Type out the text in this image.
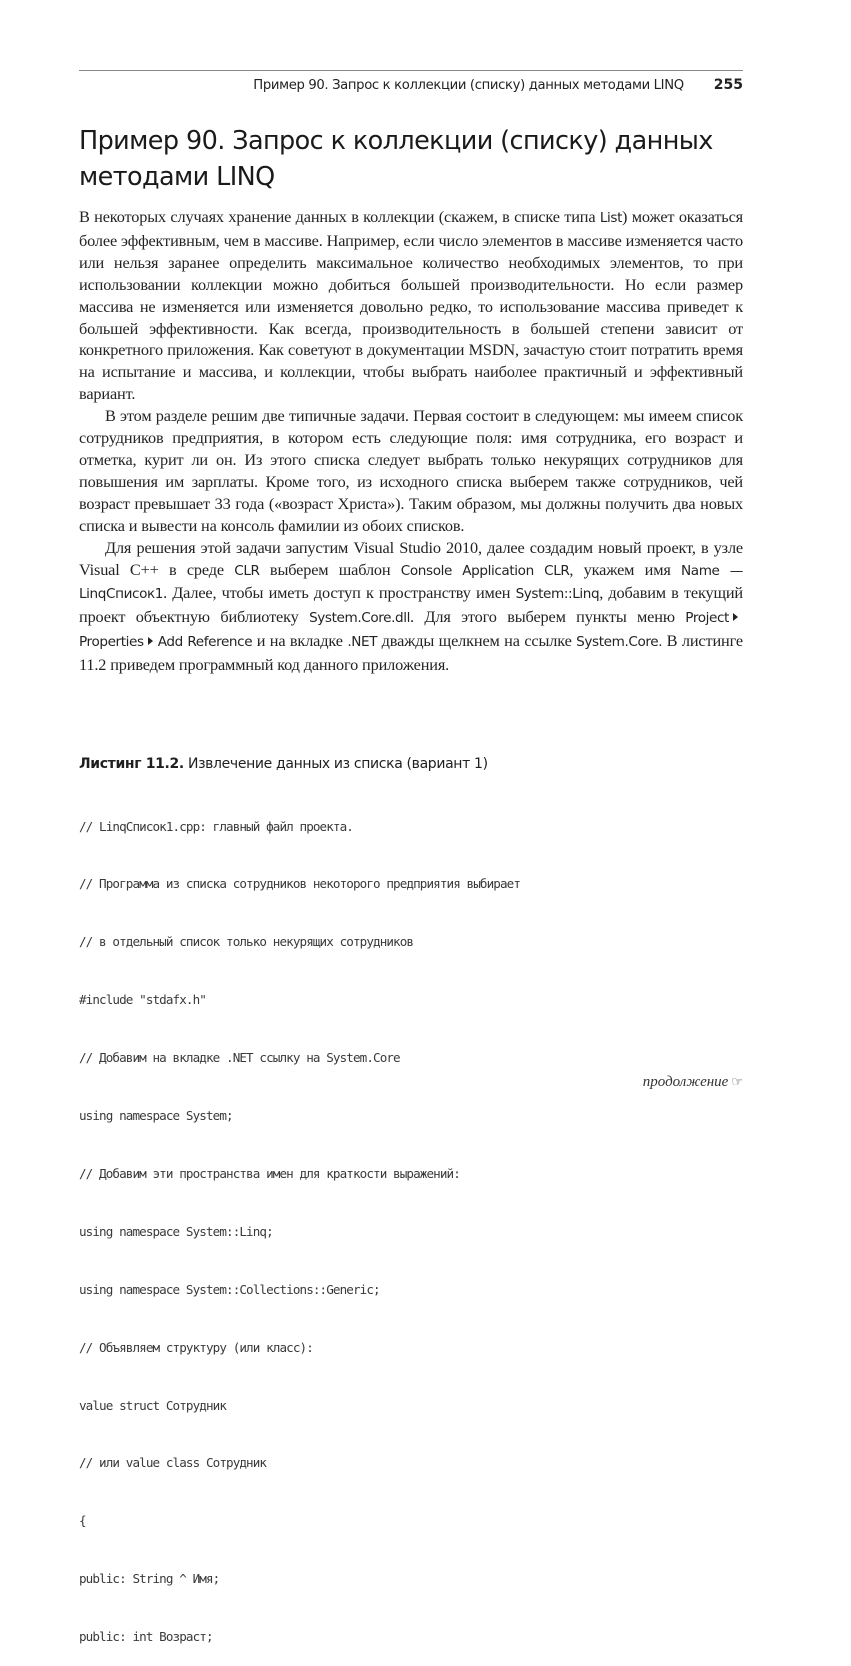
Пример 90. Запрос к коллекции (списку) данных методами LINQ 255
Пример 90. Запрос к коллекции (списку) данных
методами LINQ

В некоторых случаях хранение данных в коллекции (скажем, в списке типа List) может оказаться более эффективным, чем в массиве. Например, если число элементов в массиве изменяется часто или нельзя заранее определить максимальное количество необходимых элементов, то при использовании коллекции можно добиться большей производительности. Но если размер массива не изменяется или изменяется довольно редко, то использование массива приведет к большей эффективности. Как всегда, производительность в большей степени зависит от конкретного приложения. Как советуют в документации MSDN, зачастую стоит потратить время на испытание и массива, и коллекции, чтобы выбрать наиболее практичный и эффективный вариант.

В этом разделе решим две типичные задачи. Первая состоит в следующем: мы имеем список сотрудников предприятия, в котором есть следующие поля: имя сотрудника, его возраст и отметка, курит ли он. Из этого списка следует выбрать только некурящих сотрудников для повышения им зарплаты. Кроме того, из исходного списка выберем также сотрудников, чей возраст превышает 33 года («возраст Христа»). Таким образом, мы должны получить два новых списка и вывести на консоль фамилии из обоих списков.

Для решения этой задачи запустим Visual Studio 2010, далее создадим новый проект, в узле Visual C++ в среде CLR выберем шаблон Console Application CLR, укажем имя Name — LinqСписок1. Далее, чтобы иметь доступ к пространству имен System::Linq, добавим в текущий проект объектную библиотеку System.Core.dll. Для этого выберем пункты меню ProjectProperties Add Reference и на вкладке .NET дважды щелкнем на ссылке System.Core. В листинге 11.2 приведем программный код данного приложения.

Листинг 11.2. Извлечение данных из списка (вариант 1)

// LinqСписок1.cpp: главный файл проекта.

// Программа из списка сотрудников некоторого предприятия выбирает

// в отдельный список только некурящих сотрудников

#include "stdafx.h"

// Добавим на вкладке .NET ссылку на System.Core

using namespace System;

// Добавим эти пространства имен для краткости выражений:

using namespace System::Linq;

using namespace System::Collections::Generic;

// Объявляем структуру (или класс):

value struct Сотрудник

// или value class Сотрудник

{

public: String ^ Имя;

public: int Возраст;

продолжение ☞
